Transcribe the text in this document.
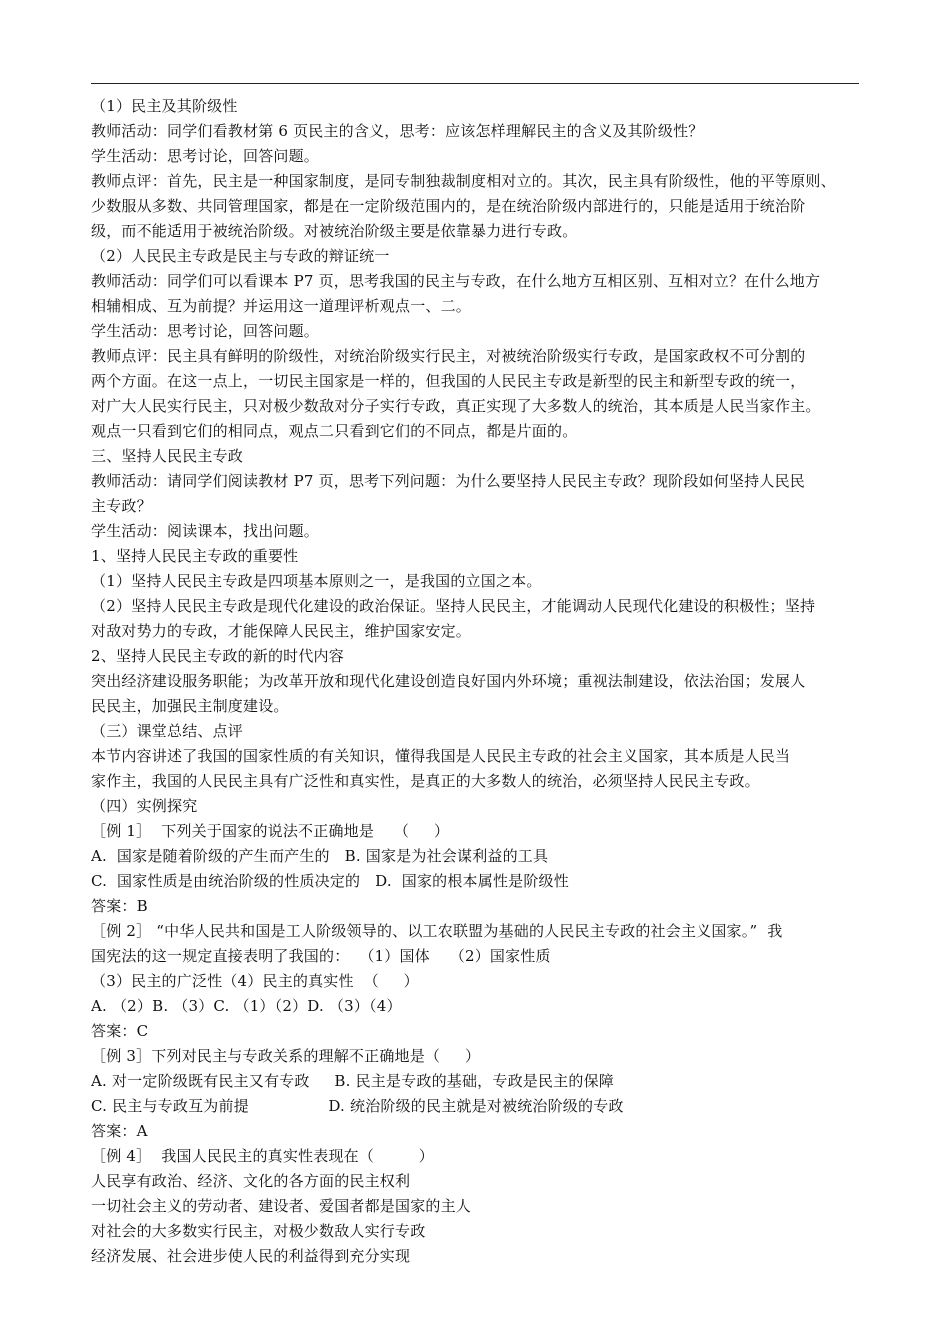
（1）民主及其阶级性
教师活动：同学们看教材第 6 页民主的含义，思考：应该怎样理解民主的含义及其阶级性？
学生活动：思考讨论，回答问题。
教师点评：首先，民主是一种国家制度，是同专制独裁制度相对立的。其次，民主具有阶级性，他的平等原则、
少数服从多数、共同管理国家，都是在一定阶级范围内的，是在统治阶级内部进行的，只能是适用于统治阶
级，而不能适用于被统治阶级。对被统治阶级主要是依靠暴力进行专政。
（2）人民民主专政是民主与专政的辩证统一
教师活动：同学们可以看课本 P7 页，思考我国的民主与专政，在什么地方互相区别、互相对立？在什么地方
相辅相成、互为前提？并运用这一道理评析观点一、二。
学生活动：思考讨论，回答问题。
教师点评：民主具有鲜明的阶级性，对统治阶级实行民主，对被统治阶级实行专政，是国家政权不可分割的
两个方面。在这一点上，一切民主国家是一样的，但我国的人民民主专政是新型的民主和新型专政的统一，
对广大人民实行民主，只对极少数敌对分子实行专政，真正实现了大多数人的统治，其本质是人民当家作主。
观点一只看到它们的相同点，观点二只看到它们的不同点，都是片面的。
三、坚持人民民主专政
教师活动：请同学们阅读教材 P7 页，思考下列问题：为什么要坚持人民民主专政？现阶段如何坚持人民民
主专政？
学生活动：阅读课本，找出问题。
1、坚持人民民主专政的重要性
（1）坚持人民民主专政是四项基本原则之一，是我国的立国之本。
（2）坚持人民民主专政是现代化建设的政治保证。坚持人民民主，才能调动人民现代化建设的积极性；坚持
对敌对势力的专政，才能保障人民民主，维护国家安定。
2、坚持人民民主专政的新的时代内容
突出经济建设服务职能；为改革开放和现代化建设创造良好国内外环境；重视法制建设，依法治国；发展人
民民主，加强民主制度建设。
（三）课堂总结、点评
本节内容讲述了我国的国家性质的有关知识，懂得我国是人民民主专政的社会主义国家，其本质是人民当
家作主，我国的人民民主具有广泛性和真实性，是真正的大多数人的统治，必须坚持人民民主专政。
（四）实例探究
［例 1］  下列关于国家的说法不正确地是    （     ）
A.  国家是随着阶级的产生而产生的   B. 国家是为社会谋利益的工具
C.  国家性质是由统治阶级的性质决定的   D.  国家的根本属性是阶级性
答案：B
［例 2］ “中华人民共和国是工人阶级领导的、以工农联盟为基础的人民民主专政的社会主义国家。”  我
国宪法的这一规定直接表明了我国的：  （1）国体    （2）国家性质
（3）民主的广泛性（4）民主的真实性  （     ）
A. （2）B. （3）C. （1）（2）D. （3）（4）
答案：C
［例 3］下列对民主与专政关系的理解不正确地是（     ）
A. 对一定阶级既有民主又有专政     B. 民主是专政的基础，专政是民主的保障
C. 民主与专政互为前提                D. 统治阶级的民主就是对被统治阶级的专政
答案：A
［例 4］  我国人民民主的真实性表现在（         ）
人民享有政治、经济、文化的各方面的民主权利
一切社会主义的劳动者、建设者、爱国者都是国家的主人
对社会的大多数实行民主，对极少数敌人实行专政
经济发展、社会进步使人民的利益得到充分实现
